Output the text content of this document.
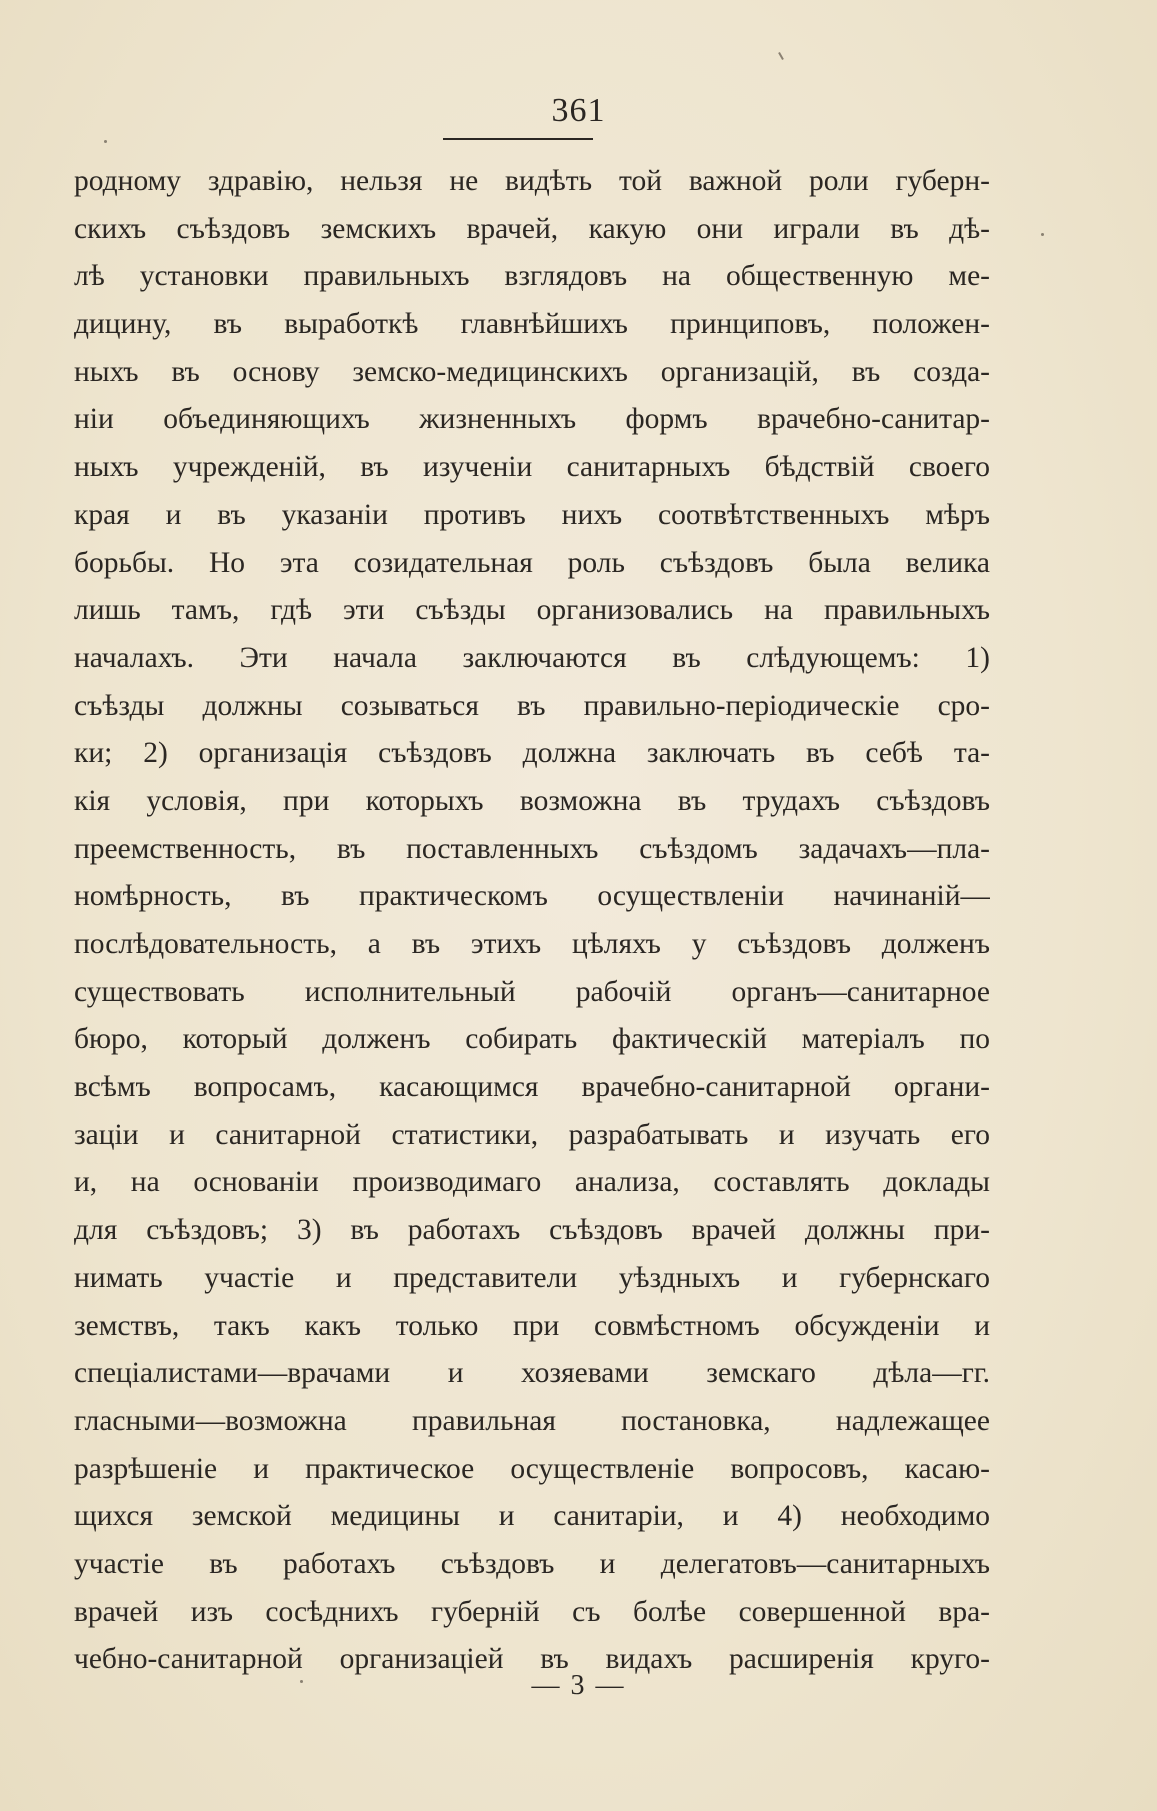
361
родному здравію, нельзя не видѣть той важной роли губерн-
скихъ съѣздовъ земскихъ врачей, какую они играли въ дѣ-
лѣ установки правильныхъ взглядовъ на общественную ме-
дицину, въ выработкѣ главнѣйшихъ принциповъ, положен-
ныхъ въ основу земско-медицинскихъ организацій, въ созда-
ніи объединяющихъ жизненныхъ формъ врачебно-санитар-
ныхъ учрежденій, въ изученіи санитарныхъ бѣдствій своего
края и въ указаніи противъ нихъ соотвѣтственныхъ мѣръ
борьбы. Но эта созидательная роль съѣздовъ была велика
лишь тамъ, гдѣ эти съѣзды организовались на правильныхъ
началахъ. Эти начала заключаются въ слѣдующемъ: 1)
съѣзды должны созываться въ правильно-періодическіе сро-
ки; 2) организація съѣздовъ должна заключать въ себѣ та-
кія условія, при которыхъ возможна въ трудахъ съѣздовъ
преемственность, въ поставленныхъ съѣздомъ задачахъ—пла-
номѣрность, въ практическомъ осуществленіи начинаній—
послѣдовательность, а въ этихъ цѣляхъ у съѣздовъ долженъ
существовать исполнительный рабочій органъ—санитарное
бюро, который долженъ собирать фактическій матеріалъ по
всѣмъ вопросамъ, касающимся врачебно-санитарной органи-
заціи и санитарной статистики, разрабатывать и изучать его
и, на основаніи производимаго анализа, составлять доклады
для съѣздовъ; 3) въ работахъ съѣздовъ врачей должны при-
нимать участіе и представители уѣздныхъ и губернскаго
земствъ, такъ какъ только при совмѣстномъ обсужденіи и
спеціалистами—врачами и хозяевами земскаго дѣла—гг.
гласными—возможна правильная постановка, надлежащее
разрѣшеніе и практическое осуществленіе вопросовъ, касаю-
щихся земской медицины и санитаріи, и 4) необходимо
участіе въ работахъ съѣздовъ и делегатовъ—санитарныхъ
врачей изъ сосѣднихъ губерній съ болѣе совершенной вра-
чебно-санитарной организаціей въ видахъ расширенія круго-
— 3 —
